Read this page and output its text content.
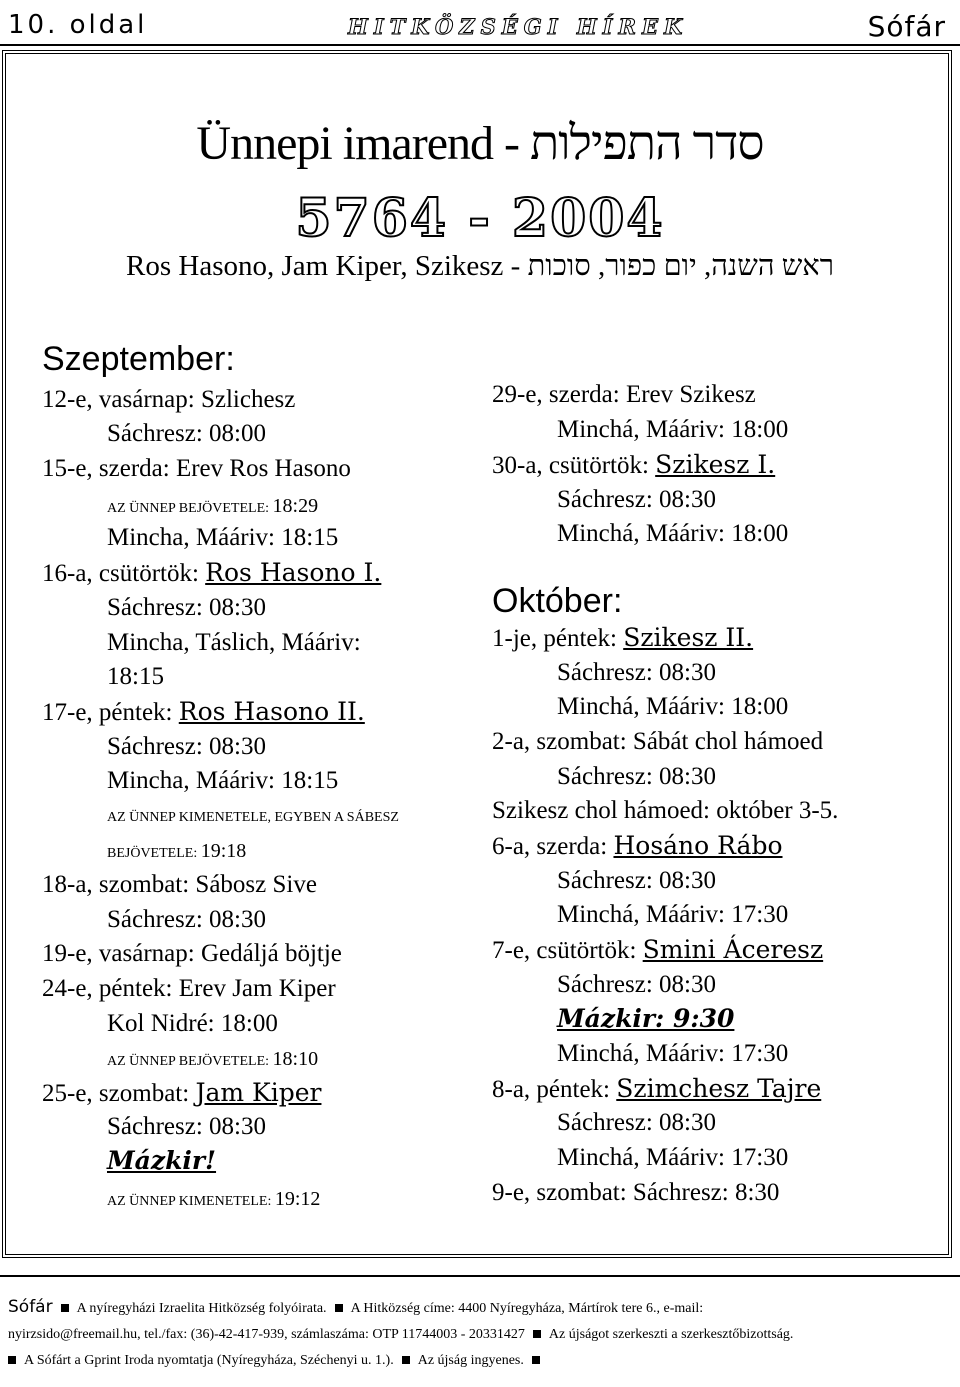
10. oldal	HITKÖZSÉGI HÍREK	Sófár
Ünnepi imarend - סדר התפילות
5764 - 2004
Ros Hasono, Jam Kiper, Szikesz - ראש השנה, יום כפור, סוכות
Szeptember:
12-e, vasárnap: Szlichesz
Sáchresz: 08:00
15-e, szerda: Erev Ros Hasono
AZ ÜNNEP BEJÖVETELE: 18:29
Mincha, Mááriv: 18:15
16-a, csütörtök: Ros Hasono I.
Sáchresz: 08:30
Mincha, Táslich, Mááriv:
18:15
17-e, péntek: Ros Hasono II.
Sáchresz: 08:30
Mincha, Mááriv: 18:15
AZ ÜNNEP KIMENETELE, EGYBEN A SÁBESZ
BEJÖVETELE: 19:18
18-a, szombat: Sábosz Sive
Sáchresz: 08:30
19-e, vasárnap: Gedáljá böjtje
24-e, péntek: Erev Jam Kiper
Kol Nidré: 18:00
AZ ÜNNEP BEJÖVETELE: 18:10
25-e, szombat: Jam Kiper
Sáchresz: 08:30
Mázkir!
AZ ÜNNEP KIMENETELE: 19:12
29-e, szerda: Erev Szikesz
Minchá, Mááriv: 18:00
30-a, csütörtök: Szikesz I.
Sáchresz: 08:30
Minchá, Mááriv: 18:00
Október:
1-je, péntek: Szikesz II.
Sáchresz: 08:30
Minchá, Mááriv: 18:00
2-a, szombat: Sábát chol hámoed
Sáchresz: 08:30
Szikesz chol hámoed: október 3-5.
6-a, szerda: Hosáno Rábo
Sáchresz: 08:30
Minchá, Mááriv: 17:30
7-e, csütörtök: Smini Áceresz
Sáchresz: 08:30
Mázkir: 9:30
Minchá, Mááriv: 17:30
8-a, péntek: Szimchesz Tajre
Sáchresz: 08:30
Minchá, Mááriv: 17:30
9-e, szombat: Sáchresz: 8:30
Sófár A nyíregyházi Izraelita Hitközség folyóirata. A Hitközség címe: 4400 Nyíregyháza, Mártírok tere 6., e-mail:
nyirzsido@freemail.hu, tel./fax: (36)-42-417-939, számlaszáma: OTP 11744003 - 20331427 Az újságot szerkeszti a szerkesztőbizottság.
A Sófárt a Gprint Iroda nyomtatja (Nyíregyháza, Széchenyi u. 1.). Az újság ingyenes.
